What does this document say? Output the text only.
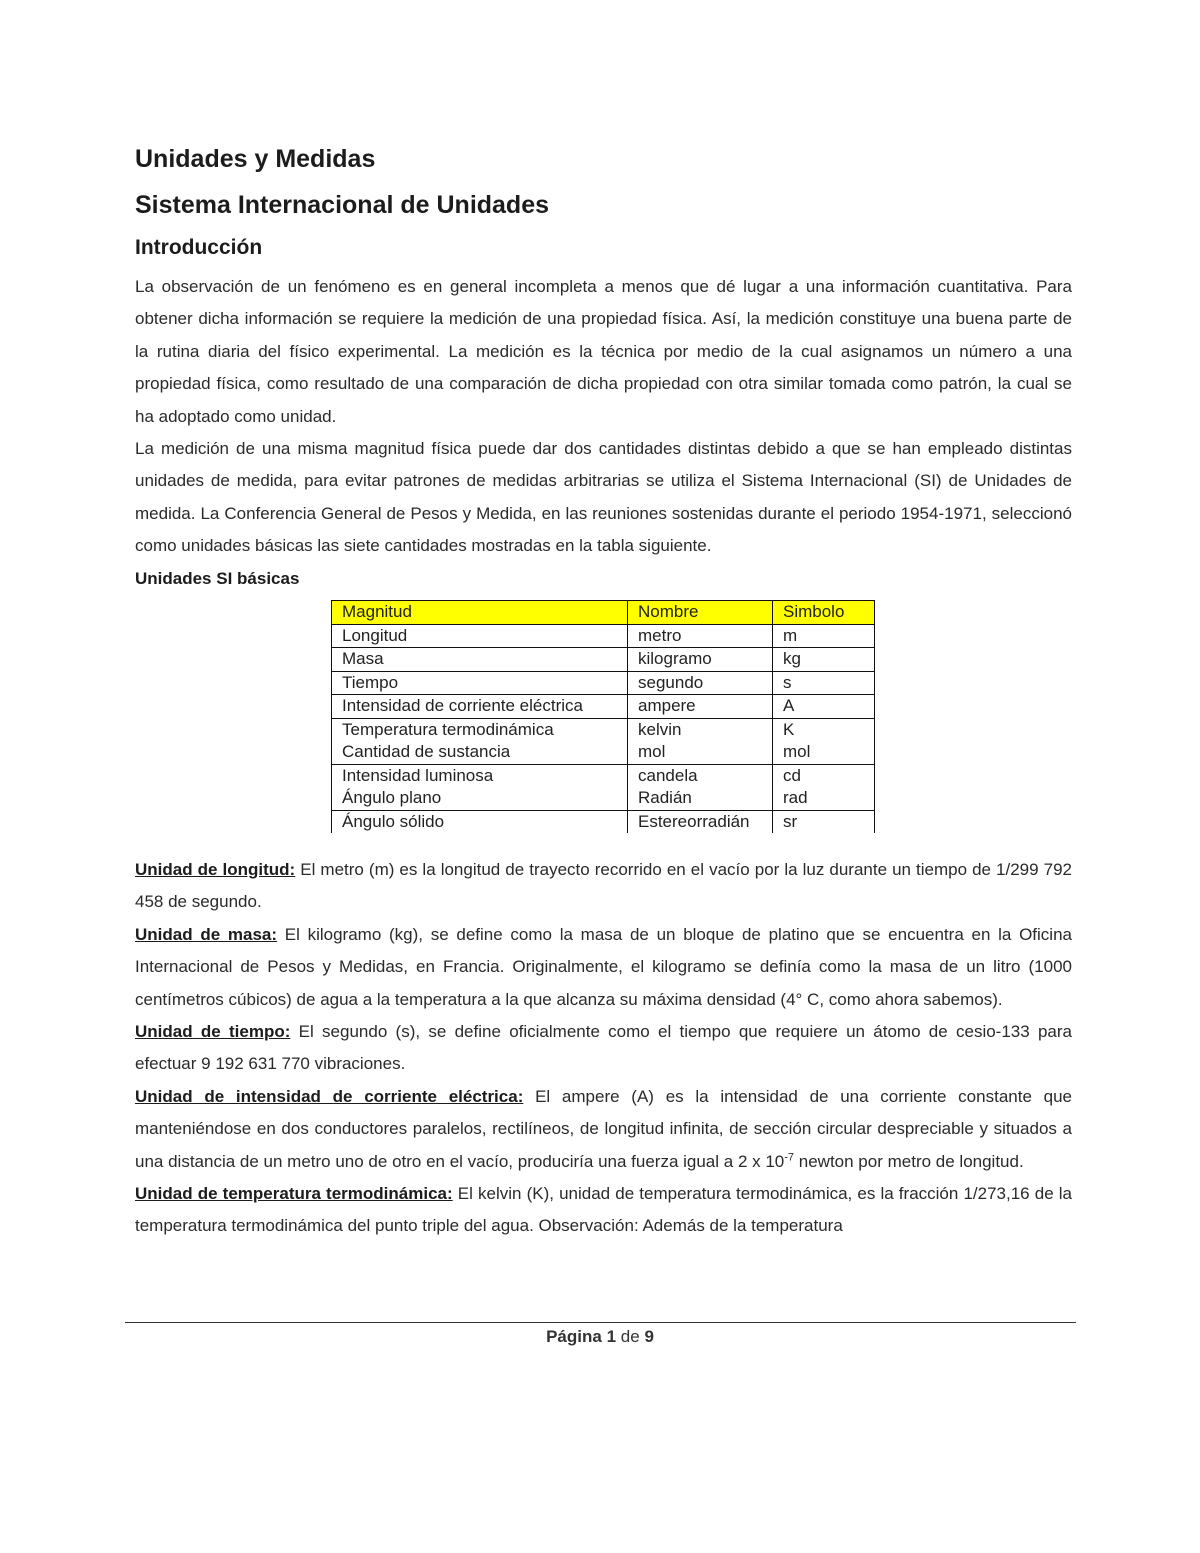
Unidades y Medidas
Sistema Internacional de Unidades
Introducción
La observación de un fenómeno es en general incompleta a menos que dé lugar a una información cuantitativa. Para obtener dicha información se requiere la medición de una propiedad física. Así, la medición constituye una buena parte de la rutina diaria del físico experimental. La medición es la técnica por medio de la cual asignamos un número a una propiedad física, como resultado de una comparación de dicha propiedad con otra similar tomada como patrón, la cual se ha adoptado como unidad.
La medición de una misma magnitud física puede dar dos cantidades distintas debido a que se han empleado distintas unidades de medida, para evitar patrones de medidas arbitrarias se utiliza el Sistema Internacional (SI) de Unidades de medida. La Conferencia General de Pesos y Medida, en las reuniones sostenidas durante el periodo 1954-1971, seleccionó como unidades básicas las siete cantidades mostradas en la tabla siguiente.
Unidades SI básicas
Magnitud	Nombre	Simbolo
Longitud	metro	m
Masa	kilogramo	kg
Tiempo	segundo	s
Intensidad de corriente eléctrica	ampere	A
Temperatura termodinámica	kelvin	K
Cantidad de sustancia	mol	mol
Intensidad luminosa	candela	cd
Ángulo plano	Radián	rad
Ángulo sólido	Estereorradián	sr
Unidad de longitud: El metro (m) es la longitud de trayecto recorrido en el vacío por la luz durante un tiempo de 1/299 792 458 de segundo.
Unidad de masa: El kilogramo (kg), se define como la masa de un bloque de platino que se encuentra en la Oficina Internacional de Pesos y Medidas, en Francia. Originalmente, el kilogramo se definía como la masa de un litro (1000 centímetros cúbicos) de agua a la temperatura a la que alcanza su máxima densidad (4° C, como ahora sabemos).
Unidad de tiempo: El segundo (s), se define oficialmente como el tiempo que requiere un átomo de cesio-133 para efectuar 9 192 631 770 vibraciones.
Unidad de intensidad de corriente eléctrica: El ampere (A) es la intensidad de una corriente constante que manteniéndose en dos conductores paralelos, rectilíneos, de longitud infinita, de sección circular despreciable y situados a una distancia de un metro uno de otro en el vacío, produciría una fuerza igual a 2 x $10^{-7}$ newton por metro de longitud.
Unidad de temperatura termodinámica: El kelvin (K), unidad de temperatura termodinámica, es la fracción 1/273,16 de la temperatura termodinámica del punto triple del agua. Observación: Además de la temperatura
Página 1 de 9
